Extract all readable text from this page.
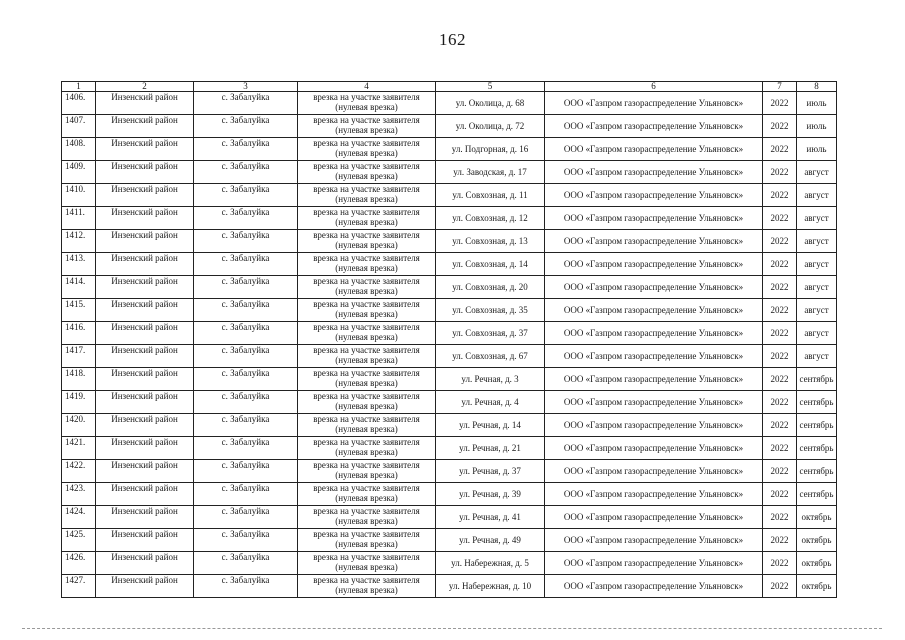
162
1	2	3	4	5	6	7	8
1406.	Инзенский район	с. Забалуйка	врезка на участке заявителя (нулевая врезка)	ул. Околица, д. 68	ООО «Газпром газораспределение Ульяновск»	2022	июль
1407.	Инзенский район	с. Забалуйка	врезка на участке заявителя (нулевая врезка)	ул. Околица, д. 72	ООО «Газпром газораспределение Ульяновск»	2022	июль
1408.	Инзенский район	с. Забалуйка	врезка на участке заявителя (нулевая врезка)	ул. Подгорная, д. 16	ООО «Газпром газораспределение Ульяновск»	2022	июль
1409.	Инзенский район	с. Забалуйка	врезка на участке заявителя (нулевая врезка)	ул. Заводская, д. 17	ООО «Газпром газораспределение Ульяновск»	2022	август
1410.	Инзенский район	с. Забалуйка	врезка на участке заявителя (нулевая врезка)	ул. Совхозная, д. 11	ООО «Газпром газораспределение Ульяновск»	2022	август
1411.	Инзенский район	с. Забалуйка	врезка на участке заявителя (нулевая врезка)	ул. Совхозная, д. 12	ООО «Газпром газораспределение Ульяновск»	2022	август
1412.	Инзенский район	с. Забалуйка	врезка на участке заявителя (нулевая врезка)	ул. Совхозная, д. 13	ООО «Газпром газораспределение Ульяновск»	2022	август
1413.	Инзенский район	с. Забалуйка	врезка на участке заявителя (нулевая врезка)	ул. Совхозная, д. 14	ООО «Газпром газораспределение Ульяновск»	2022	август
1414.	Инзенский район	с. Забалуйка	врезка на участке заявителя (нулевая врезка)	ул. Совхозная, д. 20	ООО «Газпром газораспределение Ульяновск»	2022	август
1415.	Инзенский район	с. Забалуйка	врезка на участке заявителя (нулевая врезка)	ул. Совхозная, д. 35	ООО «Газпром газораспределение Ульяновск»	2022	август
1416.	Инзенский район	с. Забалуйка	врезка на участке заявителя (нулевая врезка)	ул. Совхозная, д. 37	ООО «Газпром газораспределение Ульяновск»	2022	август
1417.	Инзенский район	с. Забалуйка	врезка на участке заявителя (нулевая врезка)	ул. Совхозная, д. 67	ООО «Газпром газораспределение Ульяновск»	2022	август
1418.	Инзенский район	с. Забалуйка	врезка на участке заявителя (нулевая врезка)	ул. Речная, д. 3	ООО «Газпром газораспределение Ульяновск»	2022	сентябрь
1419.	Инзенский район	с. Забалуйка	врезка на участке заявителя (нулевая врезка)	ул. Речная, д. 4	ООО «Газпром газораспределение Ульяновск»	2022	сентябрь
1420.	Инзенский район	с. Забалуйка	врезка на участке заявителя (нулевая врезка)	ул. Речная, д. 14	ООО «Газпром газораспределение Ульяновск»	2022	сентябрь
1421.	Инзенский район	с. Забалуйка	врезка на участке заявителя (нулевая врезка)	ул. Речная, д. 21	ООО «Газпром газораспределение Ульяновск»	2022	сентябрь
1422.	Инзенский район	с. Забалуйка	врезка на участке заявителя (нулевая врезка)	ул. Речная, д. 37	ООО «Газпром газораспределение Ульяновск»	2022	сентябрь
1423.	Инзенский район	с. Забалуйка	врезка на участке заявителя (нулевая врезка)	ул. Речная, д. 39	ООО «Газпром газораспределение Ульяновск»	2022	сентябрь
1424.	Инзенский район	с. Забалуйка	врезка на участке заявителя (нулевая врезка)	ул. Речная, д. 41	ООО «Газпром газораспределение Ульяновск»	2022	октябрь
1425.	Инзенский район	с. Забалуйка	врезка на участке заявителя (нулевая врезка)	ул. Речная, д. 49	ООО «Газпром газораспределение Ульяновск»	2022	октябрь
1426.	Инзенский район	с. Забалуйка	врезка на участке заявителя (нулевая врезка)	ул. Набережная, д. 5	ООО «Газпром газораспределение Ульяновск»	2022	октябрь
1427.	Инзенский район	с. Забалуйка	врезка на участке заявителя (нулевая врезка)	ул. Набережная, д. 10	ООО «Газпром газораспределение Ульяновск»	2022	октябрь
